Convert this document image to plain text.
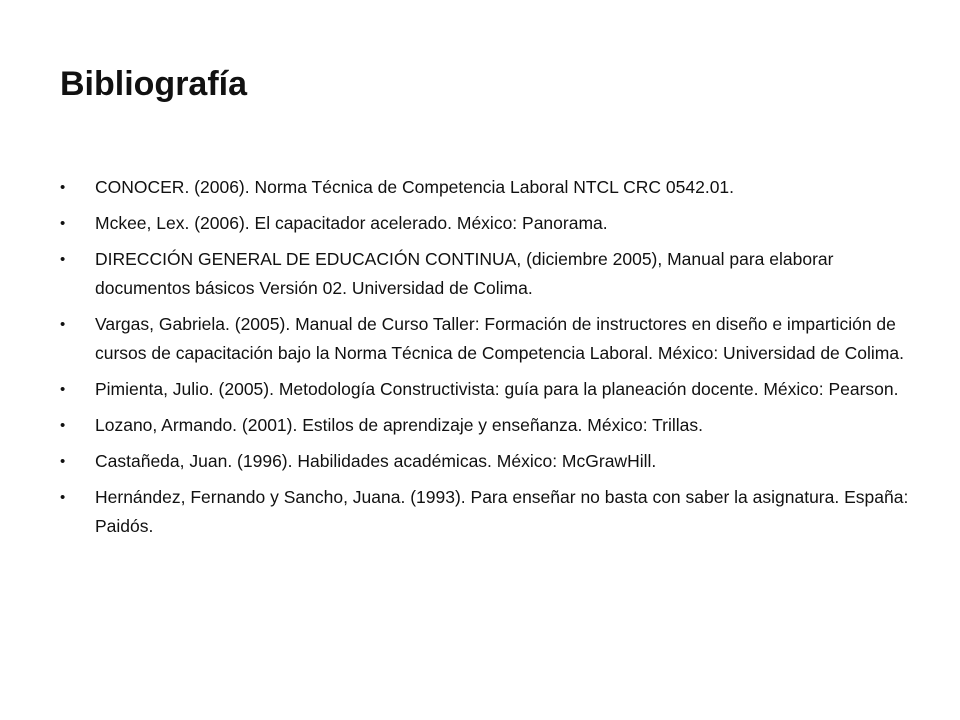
Bibliografía
•	CONOCER. (2006). Norma Técnica de Competencia Laboral NTCL CRC 0542.01.
•	Mckee, Lex. (2006). El capacitador acelerado. México: Panorama.
•	DIRECCIÓN GENERAL DE EDUCACIÓN CONTINUA, (diciembre 2005), Manual para elaborar documentos básicos Versión 02. Universidad de Colima.
•	Vargas, Gabriela. (2005). Manual de Curso Taller: Formación de instructores en diseño e impartición de cursos de capacitación bajo la Norma Técnica de Competencia Laboral. México: Universidad de Colima.
•	Pimienta, Julio. (2005). Metodología Constructivista: guía para la planeación docente. México: Pearson.
•	Lozano, Armando. (2001). Estilos de aprendizaje y enseñanza. México: Trillas.
•	Castañeda, Juan. (1996). Habilidades académicas. México: McGrawHill.
•	Hernández, Fernando y Sancho, Juana. (1993). Para enseñar no basta con saber la asignatura. España: Paidós.
